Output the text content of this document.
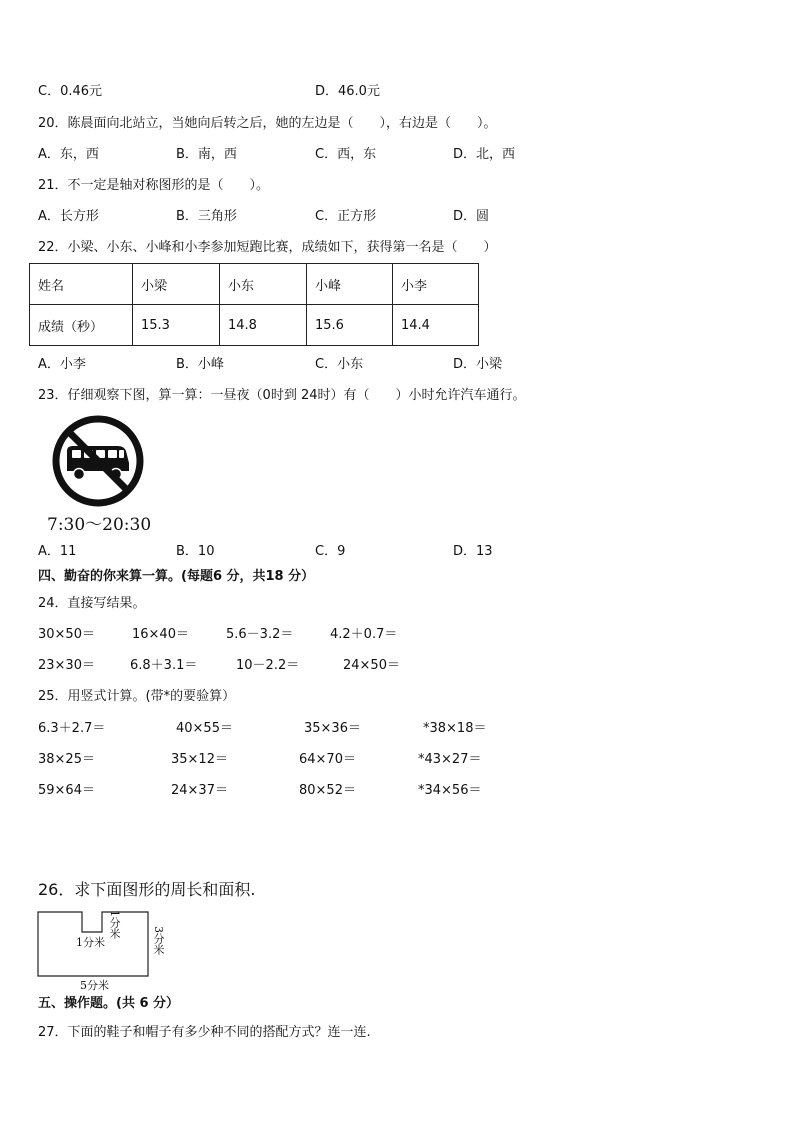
C．0.46元	D．46.0元
20．陈晨面向北站立，当她向后转之后，她的左边是（　　），右边是（　　）。
A．东，西	B．南，西	C．西，东	D．北，西
21．不一定是轴对称图形的是（　　）。
A．长方形	B．三角形	C．正方形	D．圆
22．小梁、小东、小峰和小李参加短跑比赛，成绩如下，获得第一名是（　　）
姓名	小梁	小东	小峰	小李
成绩（秒）	15.3	14.8	15.6	14.4
A．小李	B．小峰	C．小东	D．小梁
23．仔细观察下图，算一算：一昼夜（0时到 24时）有（　　）小时允许汽车通行。
7:30～20:30
A．11	B．10	C．9	D．13
四、勤奋的你来算一算。(每题6 分，共18 分）
24．直接写结果。
30×50＝	16×40＝	5.6－3.2＝	4.2＋0.7＝
23×30＝	6.8＋3.1＝	10－2.2＝	24×50＝
25．用竖式计算。(带*的要验算）
6.3＋2.7＝	40×55＝	35×36＝	*38×18＝
38×25＝	35×12＝	64×70＝	*43×27＝
59×64＝	24×37＝	80×52＝	*34×56＝
26．求下面图形的周长和面积.
1分米
1分米
3分米
5分米
五、操作题。(共 6 分）
27．下面的鞋子和帽子有多少种不同的搭配方式？连一连.
